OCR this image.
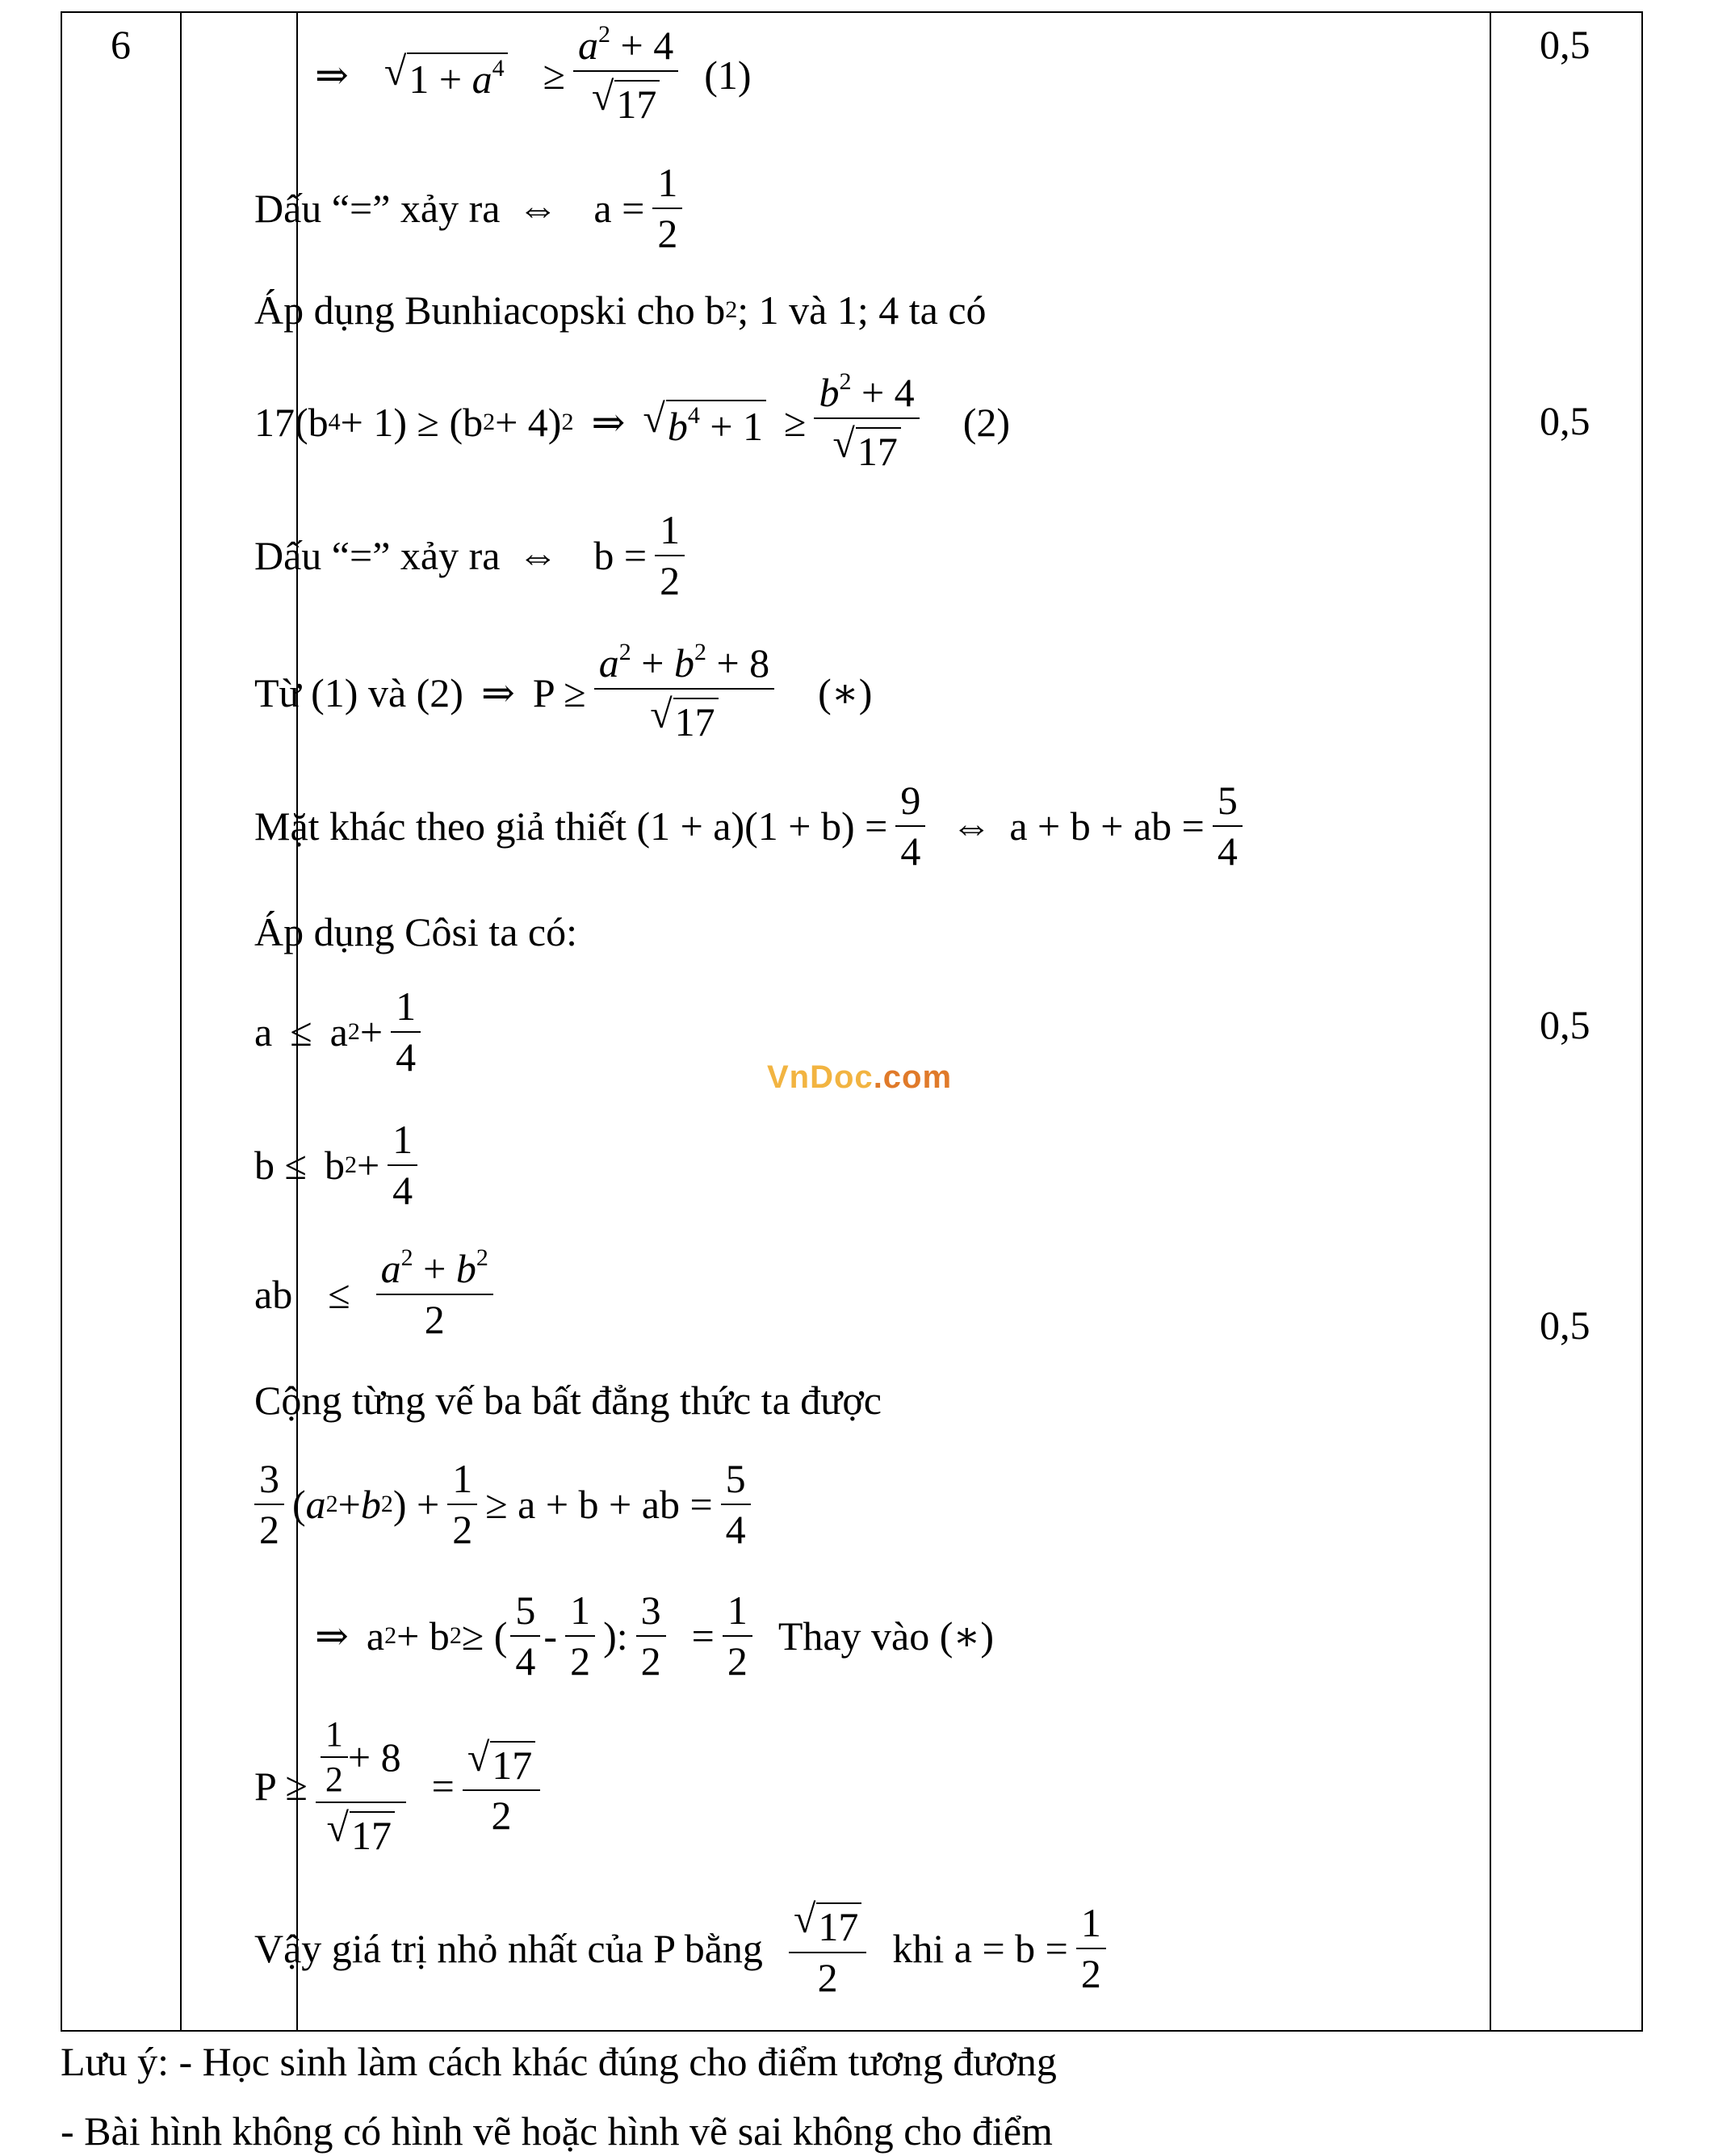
6	0,5
0,5
0,5
0,5
⇒ √ $1 + a^4 \ge \frac{a^2 + 4}{√ 17} (1)$
Dấu “=” xảy ra ⇔ $a = \frac{1}{2}$
Áp dụng Bunhiacopski cho b 2 ; 1 và 1; 4 ta có
17(b 4 + 1) ≥ (b 2 + 4) 2 ⇒ √ $b^4 + 1 \ge \frac{b^2 + 4}{√ 17} (2)$
Dấu “=” xảy ra ⇔ $b = \frac{1}{2}$
Từ (1) và (2) ⇒ $P \ge \frac{a^2 + b^2 + 8}{√ 17}$ (∗)
Mặt khác theo giả thiết $(1 + a)(1 + b) = \frac{9}{4}$ ⇔ a + b + ab = $\frac{5}{4}$
Áp dụng Côsi ta có:
a ≤ a $2 + \frac{1}{4}$
b ≤ b $2 + \frac{1}{4}$
ab ≤ $\frac{a^2 + b^2}{2}$
Cộng từng vế ba bất đẳng thức ta được
$\frac{3}{2}$ ( a 2 + b 2 ) + $\frac{1}{2} \ge a + b$ + ab = $\frac{5}{4}$
⇒ a 2 + b 2 ≥ ( $\frac{5}{4} - \frac{1}{2}$ ): $\frac{3}{2} = \frac{1}{2}$ Thay vào (∗)
$P \ge \frac{\frac{1}{2} + 8}{√ 17} = \frac{√ 17}{2}$
Vậy giá trị nhỏ nhất của P bằng $\frac{√ 17}{2}$ khi $a = b = \frac{1}{2}$
VnDoc.com
Lưu ý: - Học sinh làm cách khác đúng cho điểm tương đương
- Bài hình không có hình vẽ hoặc hình vẽ sai không cho điểm
